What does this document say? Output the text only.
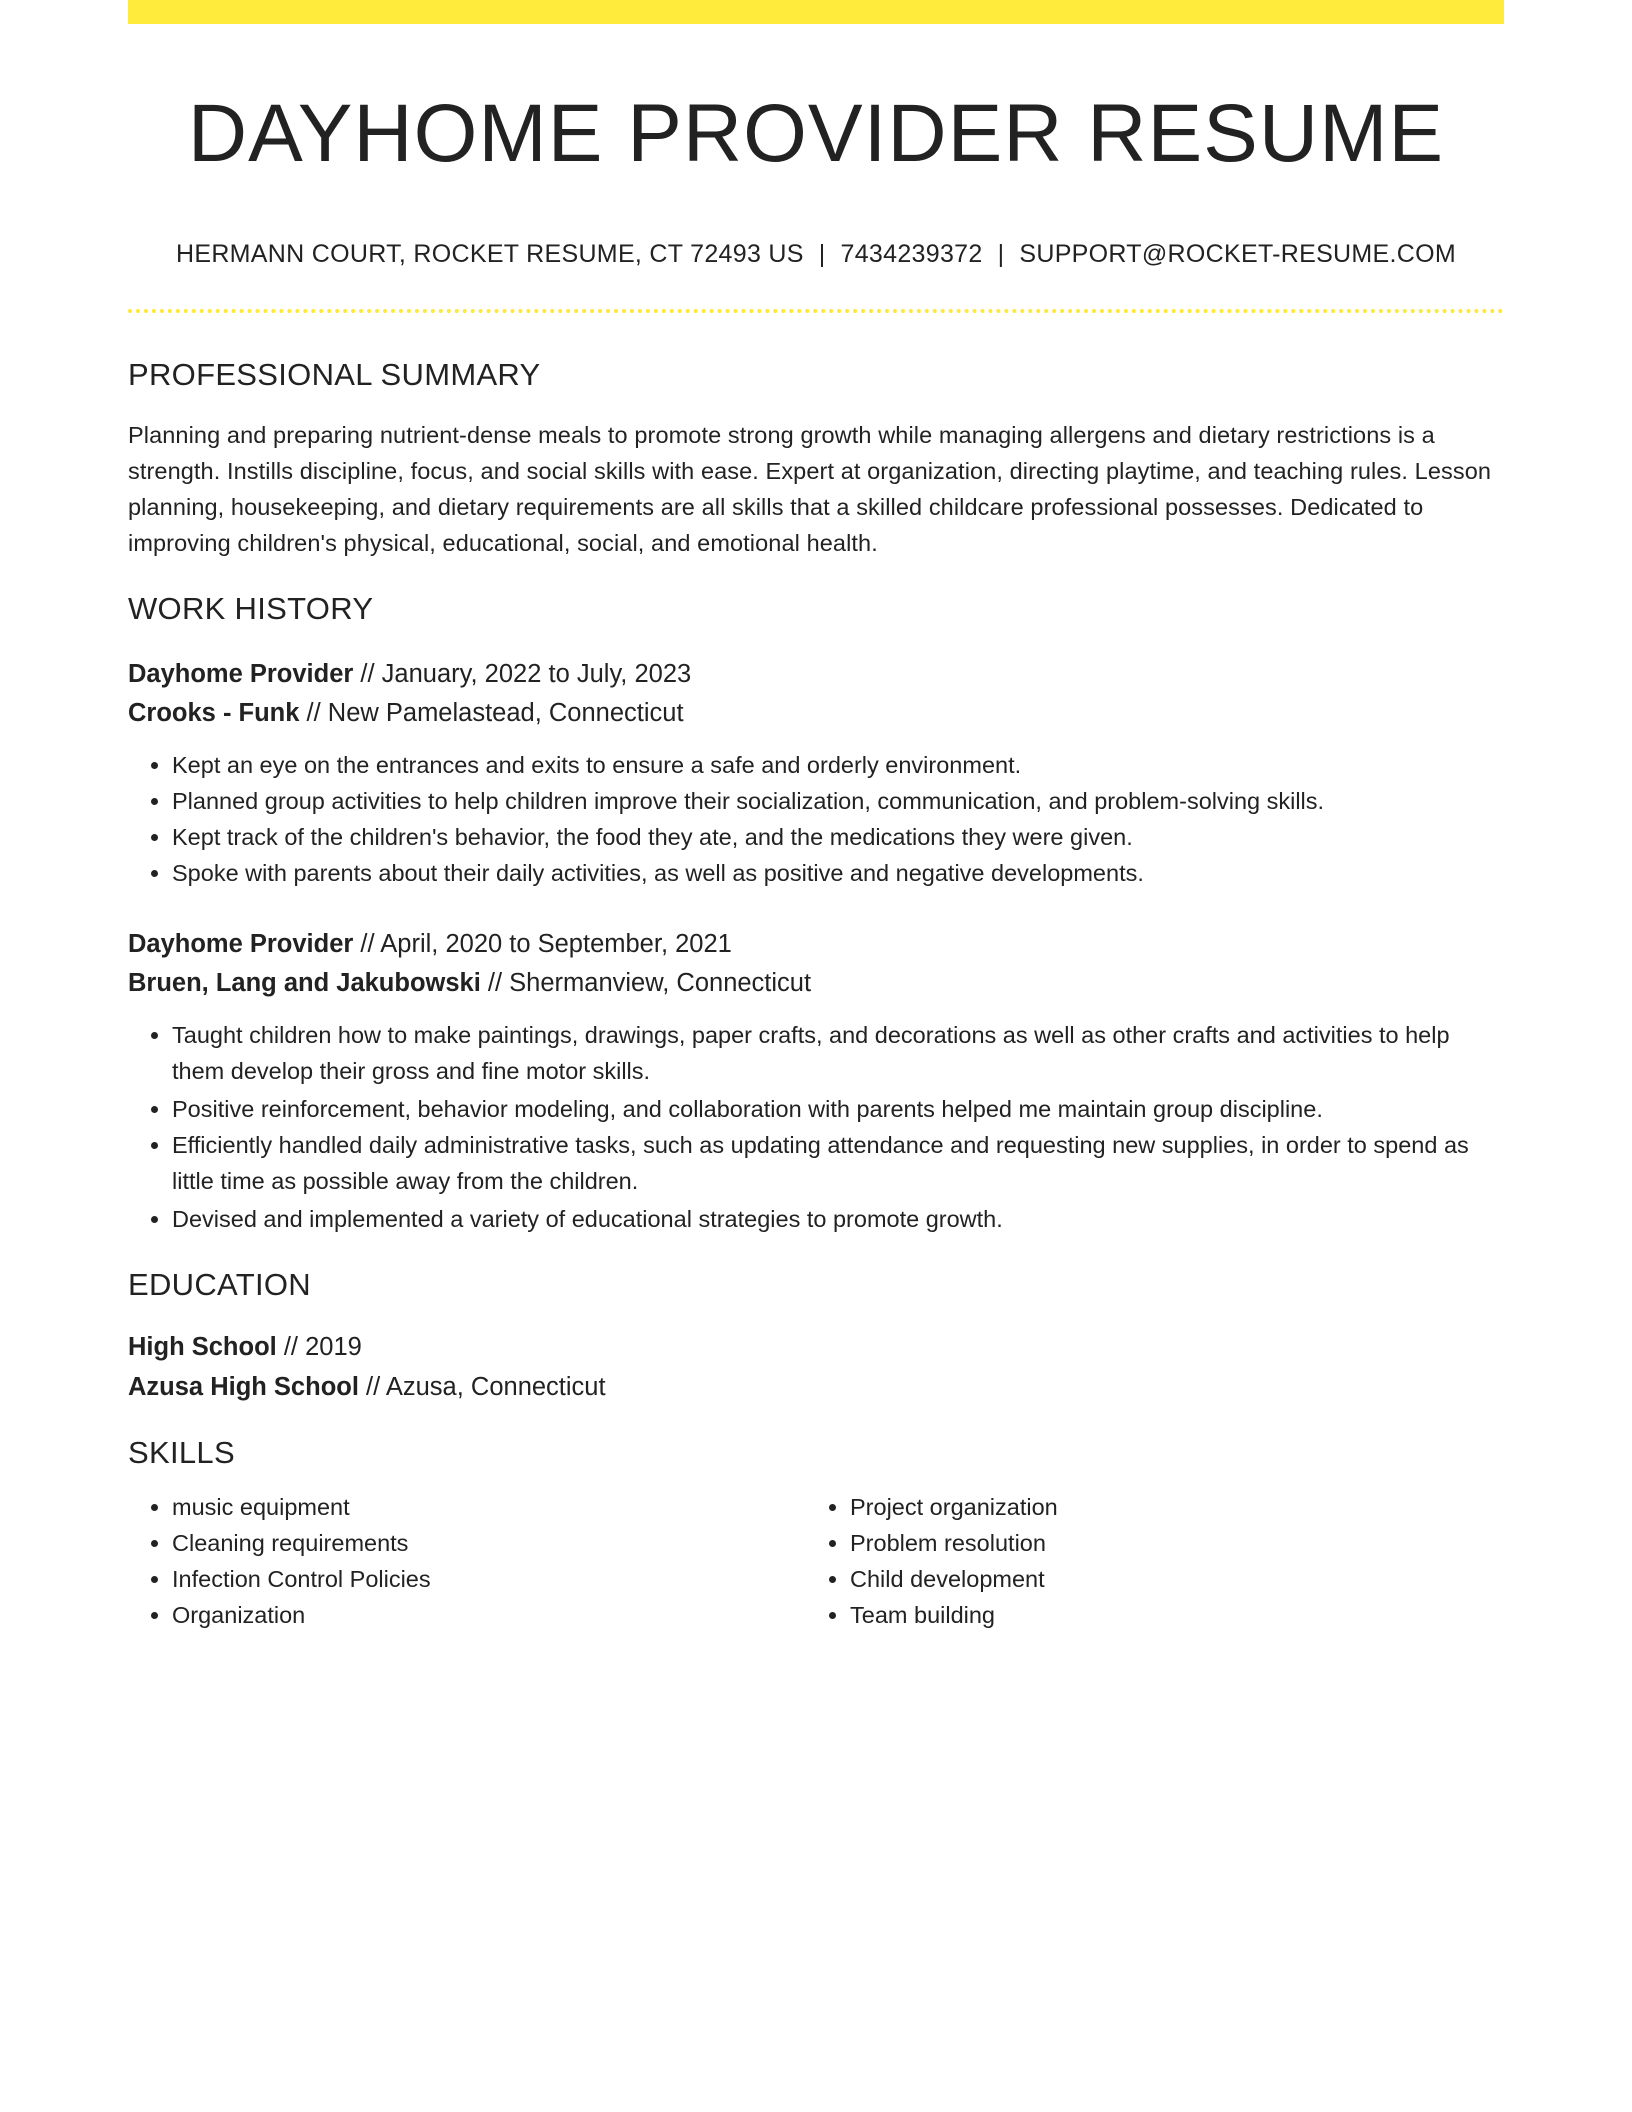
DAYHOME PROVIDER RESUME
HERMANN COURT, ROCKET RESUME, CT 72493 US | 7434239372 | SUPPORT@ROCKET-RESUME.COM
PROFESSIONAL SUMMARY
Planning and preparing nutrient-dense meals to promote strong growth while managing allergens and dietary restrictions is a strength. Instills discipline, focus, and social skills with ease. Expert at organization, directing playtime, and teaching rules. Lesson planning, housekeeping, and dietary requirements are all skills that a skilled childcare professional possesses. Dedicated to improving children's physical, educational, social, and emotional health.
WORK HISTORY
Dayhome Provider // January, 2022 to July, 2023
Crooks - Funk // New Pamelastead, Connecticut
• Kept an eye on the entrances and exits to ensure a safe and orderly environment.
• Planned group activities to help children improve their socialization, communication, and problem-solving skills.
• Kept track of the children's behavior, the food they ate, and the medications they were given.
• Spoke with parents about their daily activities, as well as positive and negative developments.
Dayhome Provider // April, 2020 to September, 2021
Bruen, Lang and Jakubowski // Shermanview, Connecticut
• Taught children how to make paintings, drawings, paper crafts, and decorations as well as other crafts and activities to help them develop their gross and fine motor skills.
• Positive reinforcement, behavior modeling, and collaboration with parents helped me maintain group discipline.
• Efficiently handled daily administrative tasks, such as updating attendance and requesting new supplies, in order to spend as little time as possible away from the children.
• Devised and implemented a variety of educational strategies to promote growth.
EDUCATION
High School // 2019
Azusa High School // Azusa, Connecticut
SKILLS
• music equipment
• Cleaning requirements
• Infection Control Policies
• Organization
• Project organization
• Problem resolution
• Child development
• Team building
